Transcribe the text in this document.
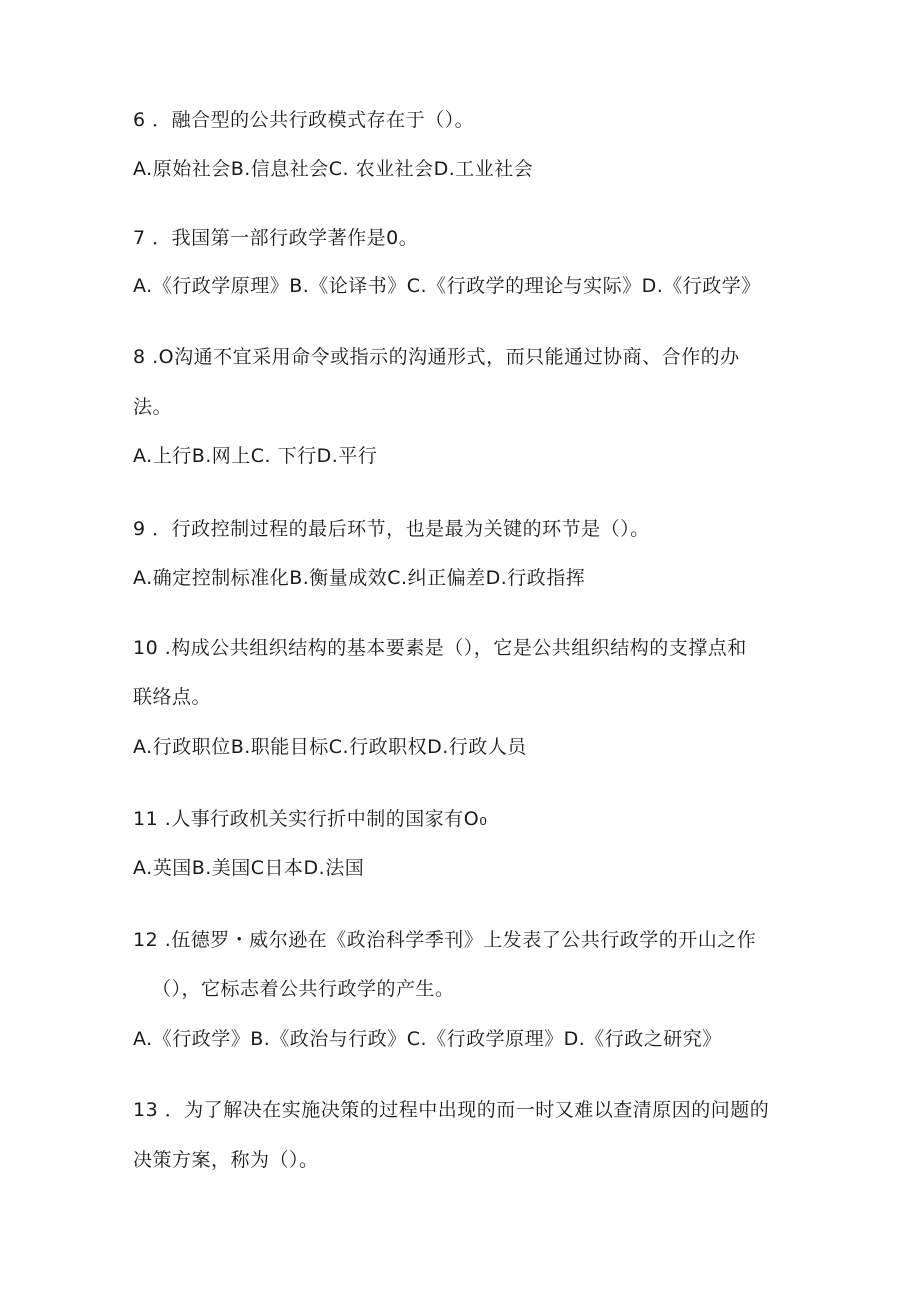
6 ．融合型的公共行政模式存在于（）。
A.原始社会B.信息社会C. 农业社会D.工业社会
7 ．我国第一部行政学著作是0。
A.《行政学原理》B.《论译书》C.《行政学的理论与实际》D.《行政学》
8 .O沟通不宜采用命令或指示的沟通形式，而只能通过协商、合作的办
法。
A.上行B.网上C. 下行D.平行
9 ．行政控制过程的最后环节，也是最为关键的环节是（）。
A.确定控制标准化B.衡量成效C.纠正偏差D.行政指挥
10 .构成公共组织结构的基本要素是（），它是公共组织结构的支撑点和
联络点。
A.行政职位B.职能目标C.行政职权D.行政人员
11 .人事行政机关实行折中制的国家有O₀
A.英国B.美国C日本D.法国
12 .伍德罗・威尔逊在《政治科学季刊》上发表了公共行政学的开山之作
（），它标志着公共行政学的产生。
A.《行政学》B.《政治与行政》C.《行政学原理》D.《行政之研究》
13 ．为了解决在实施决策的过程中出现的而一时又难以查清原因的问题的
决策方案，称为（）。
